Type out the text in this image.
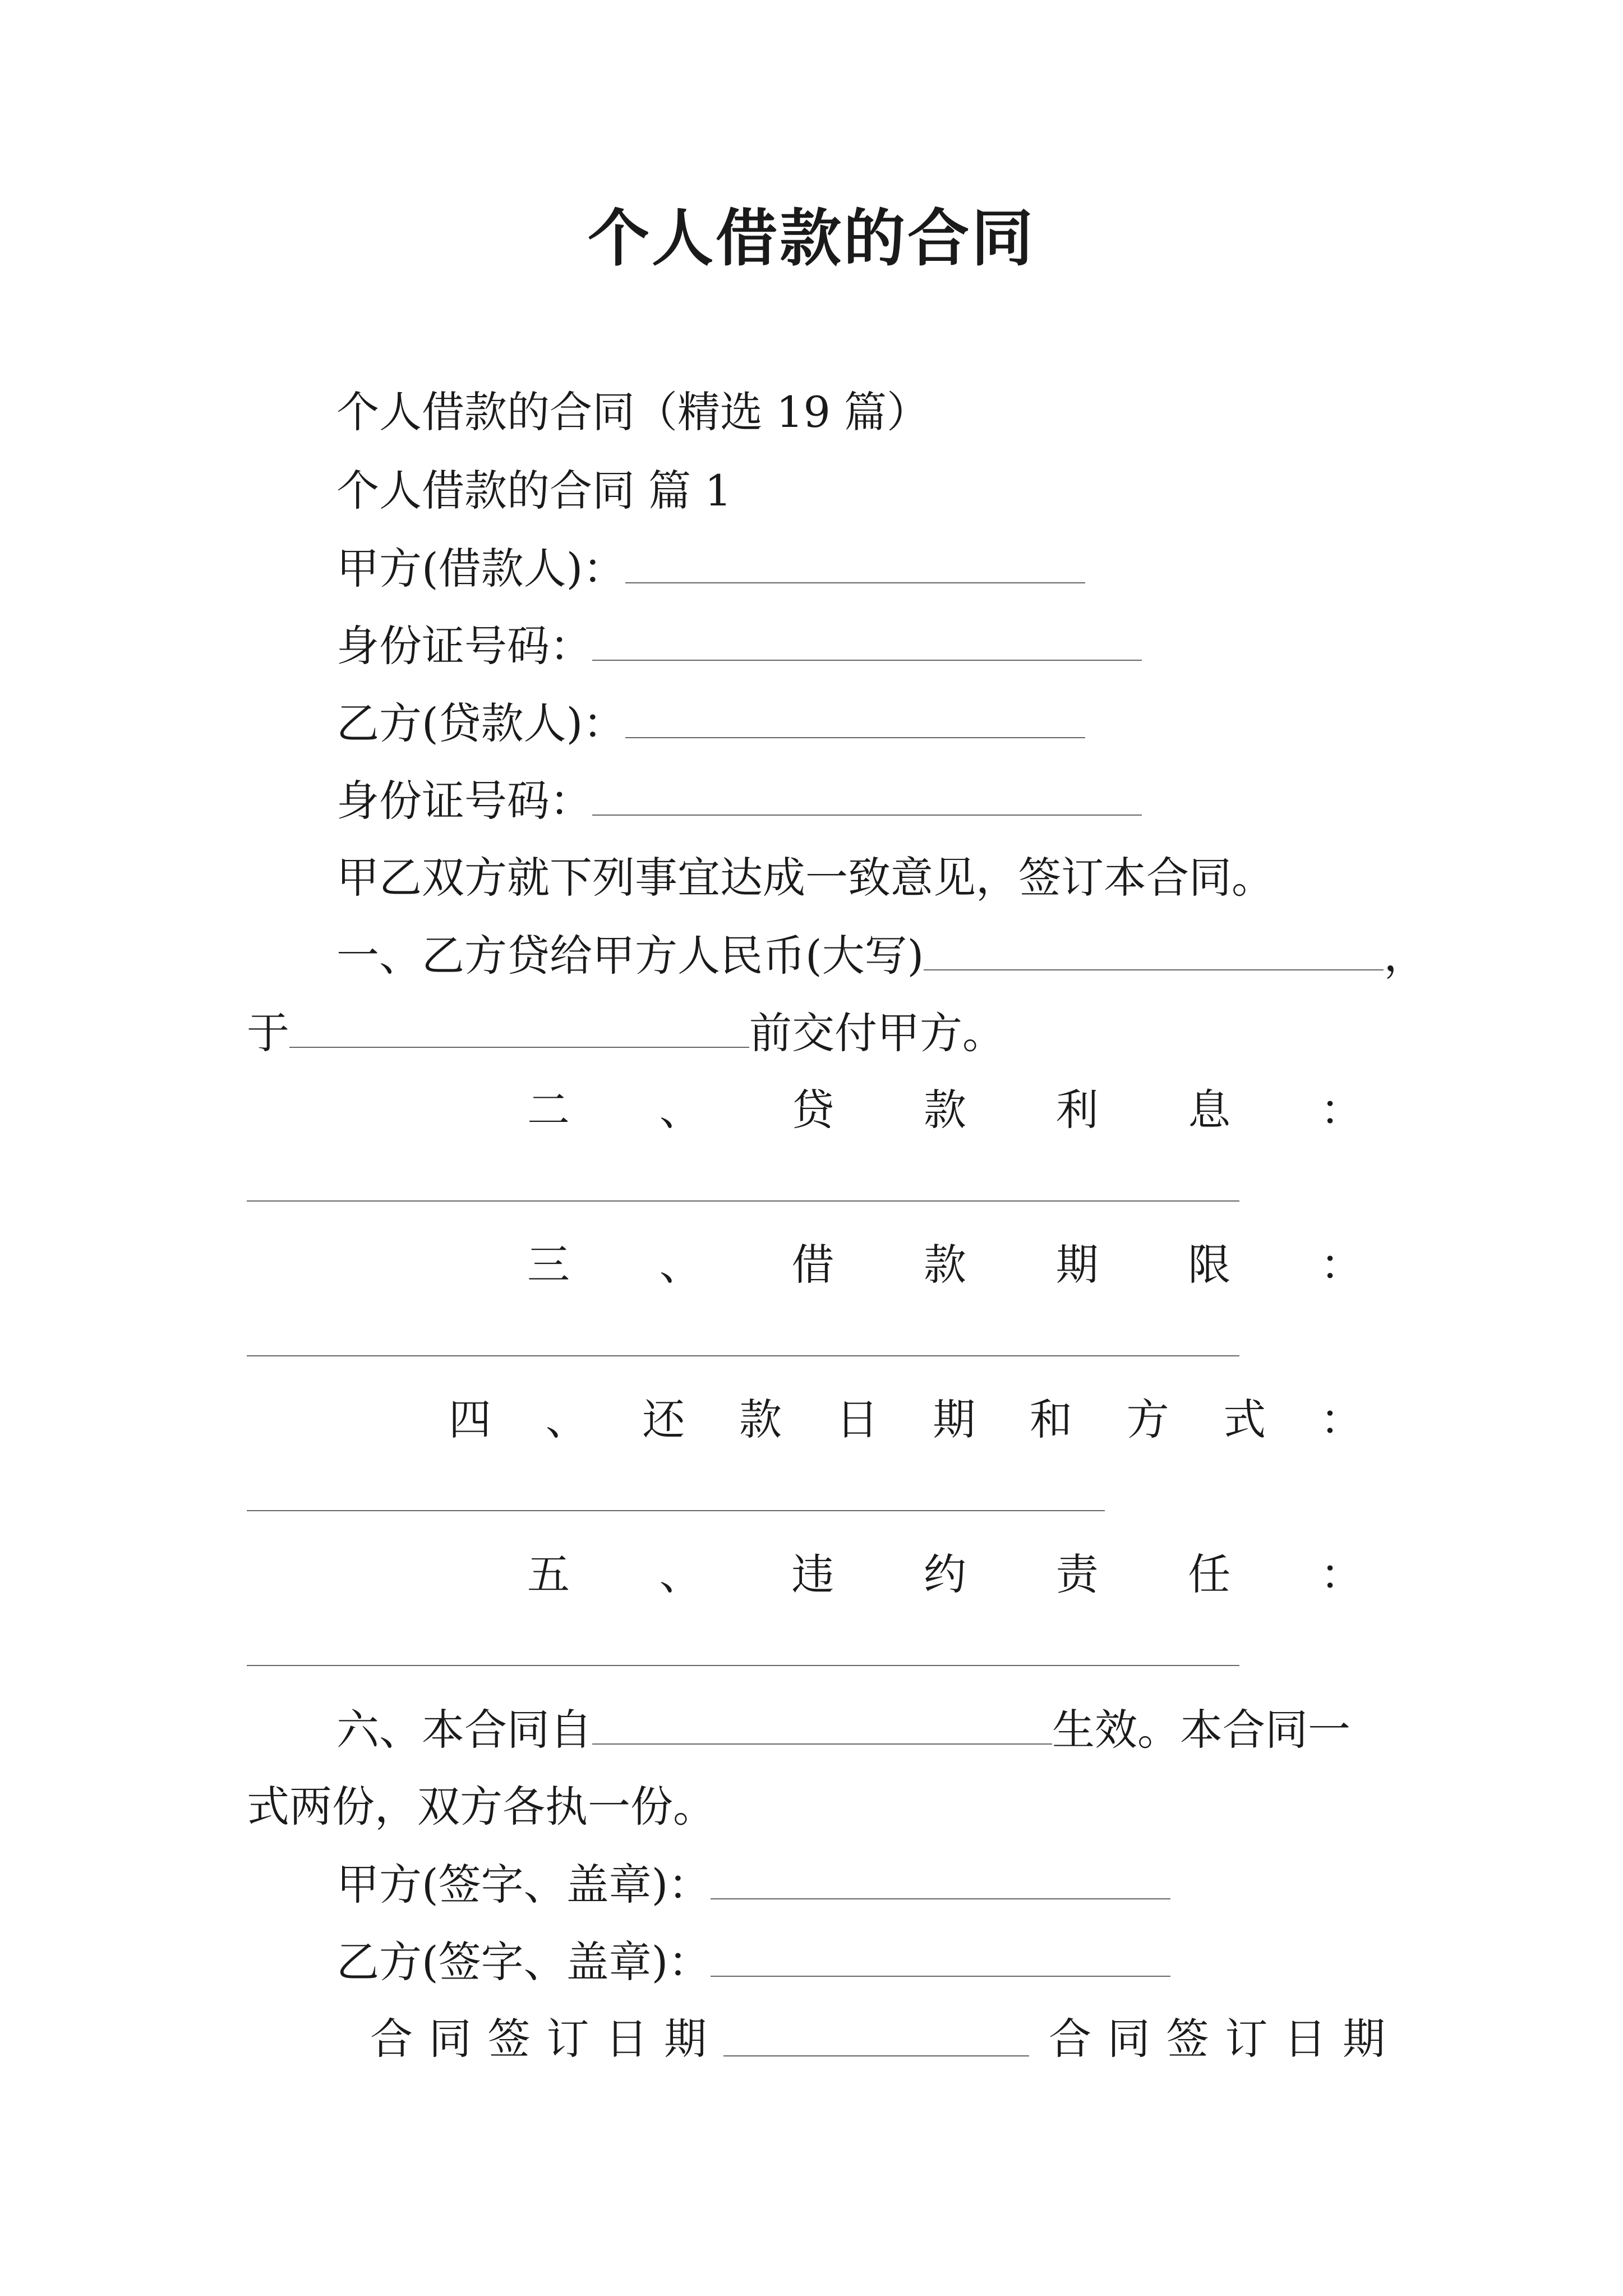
个人借款的合同
个人借款的合同（精选 19 篇）
个人借款的合同 篇 1
甲方(借款人)：
身份证号码：
乙方(贷款人)：
身份证号码：
甲乙双方就下列事宜达成一致意见，签订本合同。
一、乙方贷给甲方人民币(大写)	，
于	前交付甲方。
二 、 贷 款 利 息 ：
三 、 借 款 期 限 ：
四 、 还 款 日 期 和 方 式 ：
五 、 违 约 责 任 ：
六、本合同自	生效。本合同一
式两份，双方各执一份。
甲方(签字、盖章)：
乙方(签字、盖章)：
合 同 签 订 日 期	合 同 签 订 日 期
